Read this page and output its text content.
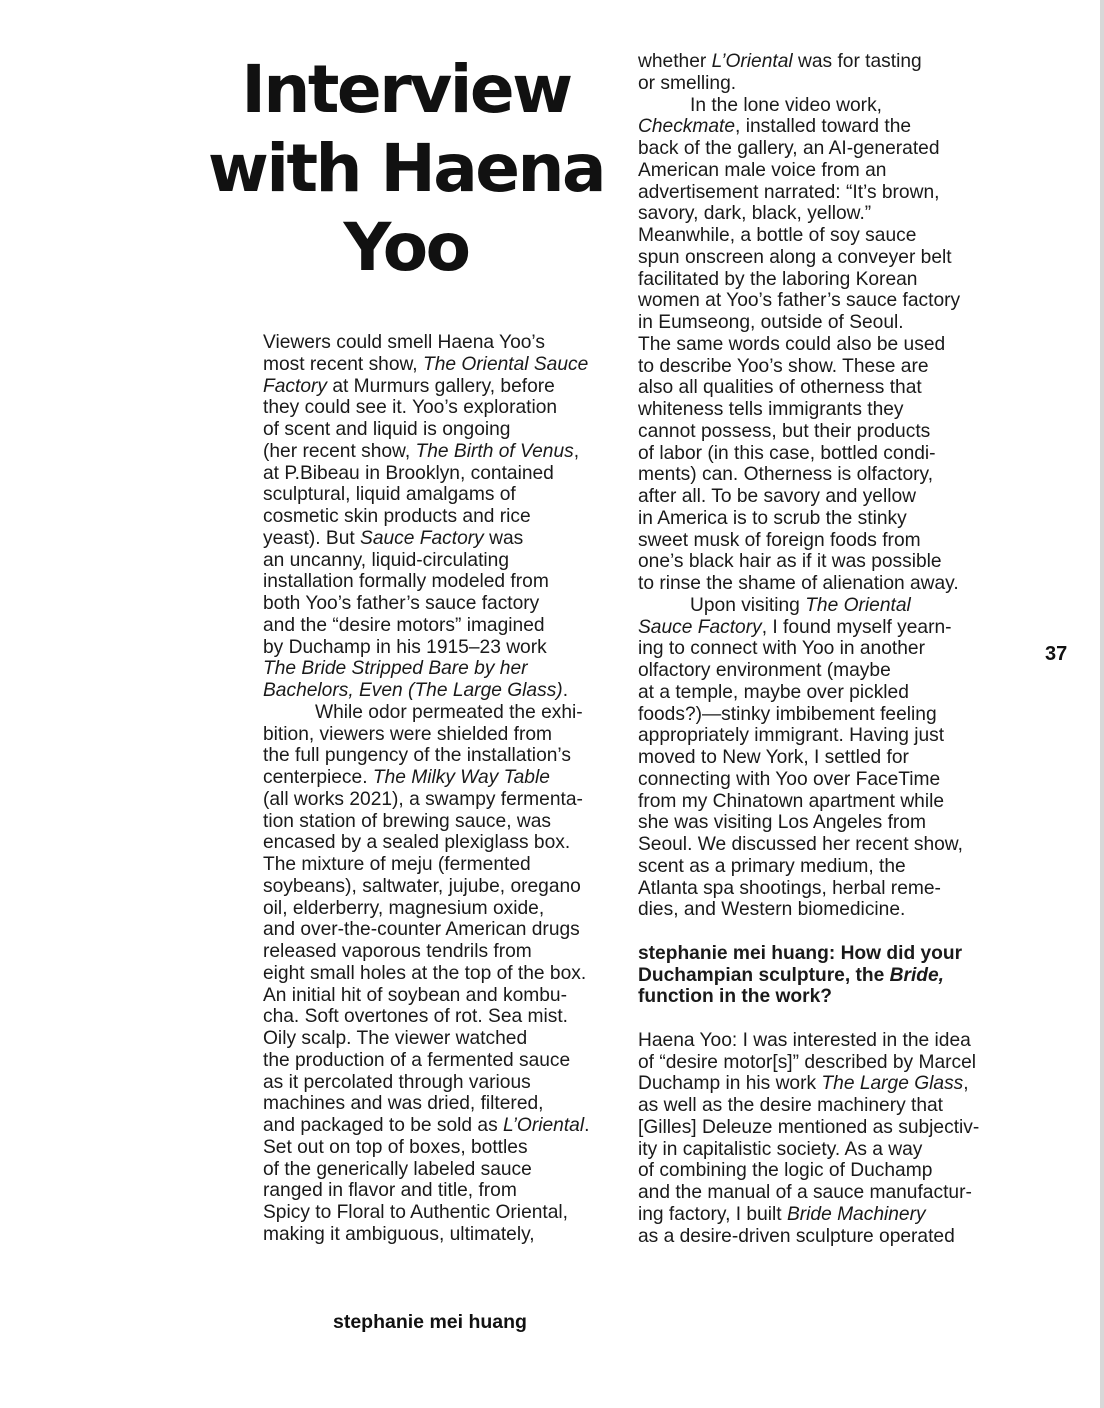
Interview with Haena Yoo
Viewers could smell Haena Yoo’s
most recent show, The Oriental Sauce
Factory at Murmurs gallery, before
they could see it. Yoo’s exploration
of scent and liquid is ongoing
(her recent show, The Birth of Venus,
at P.Bibeau in Brooklyn, contained
sculptural, liquid amalgams of
cosmetic skin products and rice
yeast). But Sauce Factory was
an uncanny, liquid-circulating
installation formally modeled from
both Yoo’s father’s sauce factory
and the “desire motors” imagined
by Duchamp in his 1915–23 work
The Bride Stripped Bare by her
Bachelors, Even (The Large Glass).
While odor permeated the exhi-
bition, viewers were shielded from
the full pungency of the installation’s
centerpiece. The Milky Way Table
(all works 2021), a swampy fermenta-
tion station of brewing sauce, was
encased by a sealed plexiglass box.
The mixture of meju (fermented
soybeans), saltwater, jujube, oregano
oil, elderberry, magnesium oxide,
and over-the-counter American drugs
released vaporous tendrils from
eight small holes at the top of the box.
An initial hit of soybean and kombu-
cha. Soft overtones of rot. Sea mist.
Oily scalp. The viewer watched
the production of a fermented sauce
as it percolated through various
machines and was dried, filtered,
and packaged to be sold as L’Oriental.
Set out on top of boxes, bottles
of the generically labeled sauce
ranged in flavor and title, from
Spicy to Floral to Authentic Oriental,
making it ambiguous, ultimately,
whether L’Oriental was for tasting
or smelling.
In the lone video work,
Checkmate, installed toward the
back of the gallery, an AI-generated
American male voice from an
advertisement narrated: “It’s brown,
savory, dark, black, yellow.”
Meanwhile, a bottle of soy sauce
spun onscreen along a conveyer belt
facilitated by the laboring Korean
women at Yoo’s father’s sauce factory
in Eumseong, outside of Seoul.
The same words could also be used
to describe Yoo’s show. These are
also all qualities of otherness that
whiteness tells immigrants they
cannot possess, but their products
of labor (in this case, bottled condi-
ments) can. Otherness is olfactory,
after all. To be savory and yellow
in America is to scrub the stinky
sweet musk of foreign foods from
one’s black hair as if it was possible
to rinse the shame of alienation away.
Upon visiting The Oriental
Sauce Factory, I found myself yearn-
ing to connect with Yoo in another
olfactory environment (maybe
at a temple, maybe over pickled
foods?)—stinky imbibement feeling
appropriately immigrant. Having just
moved to New York, I settled for
connecting with Yoo over FaceTime
from my Chinatown apartment while
she was visiting Los Angeles from
Seoul. We discussed her recent show,
scent as a primary medium, the
Atlanta spa shootings, herbal reme-
dies, and Western biomedicine.
stephanie mei huang: How did your
Duchampian sculpture, the Bride,
function in the work?
Haena Yoo: I was interested in the idea
of “desire motor[s]” described by Marcel
Duchamp in his work The Large Glass,
as well as the desire machinery that
[Gilles] Deleuze mentioned as subjectiv-
ity in capitalistic society. As a way
of combining the logic of Duchamp
and the manual of a sauce manufactur-
ing factory, I built Bride Machinery
as a desire-driven sculpture operated
37
stephanie mei huang
